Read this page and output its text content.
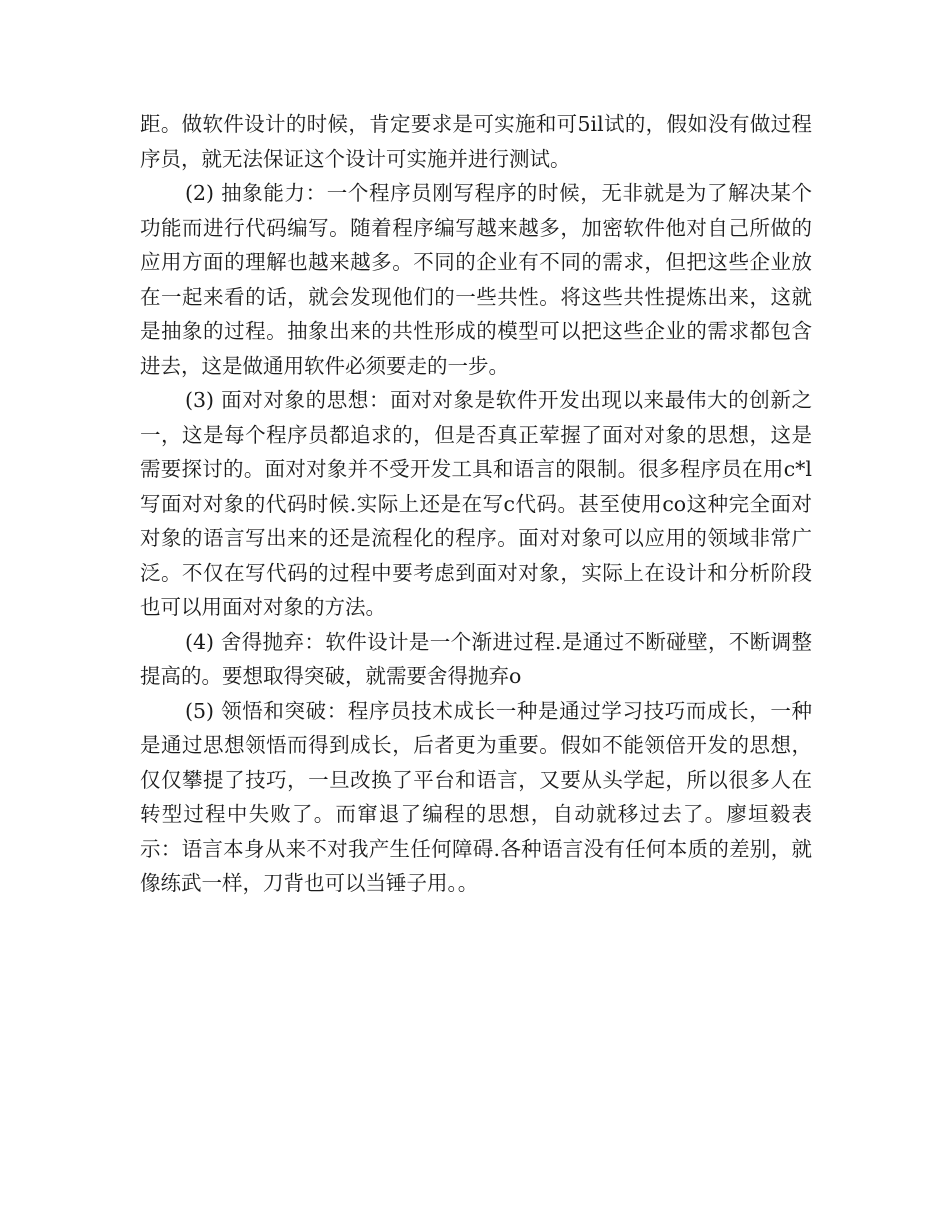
距。做软件设计的时候，肯定要求是可实施和可5il试的，假如没有做过程序员，就无法保证这个设计可实施并进行测试。

(2) 抽象能力：一个程序员刚写程序的时候，无非就是为了解决某个功能而进行代码编写。随着程序编写越来越多，加密软件他对自己所做的应用方面的理解也越来越多。不同的企业有不同的需求，但把这些企业放在一起来看的话，就会发现他们的一些共性。将这些共性提炼出来，这就是抽象的过程。抽象出来的共性形成的模型可以把这些企业的需求都包含进去，这是做通用软件必须要走的一步。

(3) 面对对象的思想：面对对象是软件开发出现以来最伟大的创新之一，这是每个程序员都追求的，但是否真正荤握了面对对象的思想，这是需要探讨的。面对对象并不受开发工具和语言的限制。很多程序员在用c*l写面对对象的代码时候.实际上还是在写c代码。甚至使用co这种完全面对对象的语言写出来的还是流程化的程序。面对对象可以应用的领域非常广泛。不仅在写代码的过程中要考虑到面对对象，实际上在设计和分析阶段也可以用面对对象的方法。

(4) 舍得抛弃：软件设计是一个渐进过程.是通过不断碰壁，不断调整提高的。要想取得突破，就需要舍得抛弃o

(5) 领悟和突破：程序员技术成长一种是通过学习技巧而成长，一种是通过思想领悟而得到成长，后者更为重要。假如不能领倍开发的思想，仅仅攀提了技巧，一旦改换了平台和语言，又要从头学起，所以很多人在转型过程中失败了。而窜退了编程的思想，自动就移过去了。廖垣毅表示：语言本身从来不对我产生任何障碍.各种语言没有任何本质的差别，就像练武一样，刀背也可以当锤子用。。
